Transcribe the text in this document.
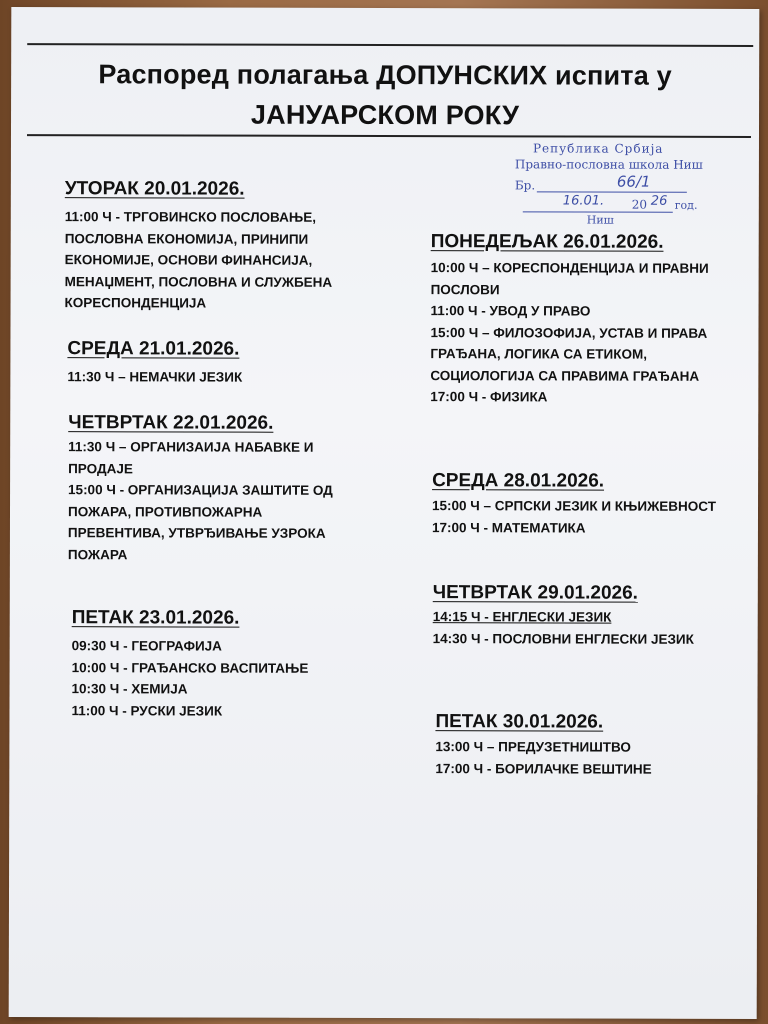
Распоред полагања ДОПУНСКИХ испита у
ЈАНУАРСКОМ РОКУ
Република Србија
Правно-пословна школа Ниш
Бр.	66/1
16.01. 20 26 год.
Ниш
УТОРАК 20.01.2026.
11:00 Ч - ТРГОВИНСКО ПОСЛОВАЊЕ,
ПОСЛОВНА ЕКОНОМИЈА, ПРИНИПИ
ЕКОНОМИЈЕ, ОСНОВИ ФИНАНСИЈА,
МЕНАЏМЕНТ, ПОСЛОВНА И СЛУЖБЕНА
КОРЕСПОНДЕНЦИЈА
СРЕДА 21.01.2026.
11:30 Ч – НЕМАЧКИ ЈЕЗИК
ЧЕТВРТАК 22.01.2026.
11:30 Ч – ОРГАНИЗАИЈА НАБАВКЕ И
ПРОДАЈЕ
15:00 Ч - ОРГАНИЗАЦИЈА ЗАШТИТЕ ОД
ПОЖАРА, ПРОТИВПОЖАРНА
ПРЕВЕНТИВА, УТВРЂИВАЊЕ УЗРОКА
ПОЖАРА
ПЕТАК 23.01.2026.
09:30 Ч - ГЕОГРАФИЈА
10:00 Ч - ГРАЂАНСКО ВАСПИТАЊЕ
10:30 Ч - ХЕМИЈА
11:00 Ч - РУСКИ ЈЕЗИК
ПОНЕДЕЉАК 26.01.2026.
10:00 Ч – КОРЕСПОНДЕНЦИЈА И ПРАВНИ
ПОСЛОВИ
11:00 Ч - УВОД У ПРАВО
15:00 Ч – ФИЛОЗОФИЈА, УСТАВ И ПРАВА
ГРАЂАНА, ЛОГИКА СА ЕТИКОМ,
СОЦИОЛОГИЈА СА ПРАВИМА ГРАЂАНА
17:00 Ч - ФИЗИКА
СРЕДА 28.01.2026.
15:00 Ч – СРПСКИ ЈЕЗИК И КЊИЖЕВНОСТ
17:00 Ч - МАТЕМАТИКА
ЧЕТВРТАК 29.01.2026.
14:15 Ч - ЕНГЛЕСКИ ЈЕЗИК
14:30 Ч - ПОСЛОВНИ ЕНГЛЕСКИ ЈЕЗИК
ПЕТАК 30.01.2026.
13:00 Ч – ПРЕДУЗЕТНИШТВО
17:00 Ч - БОРИЛАЧКЕ ВЕШТИНЕ
